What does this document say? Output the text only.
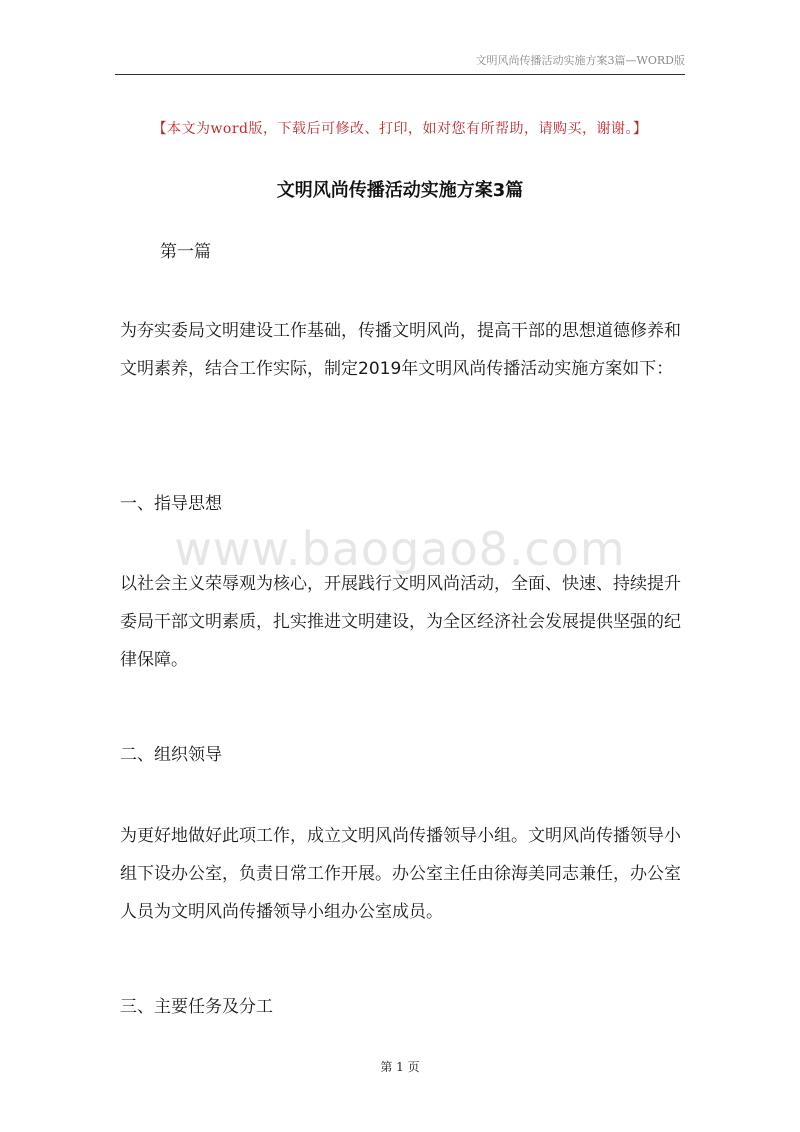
文明风尚传播活动实施方案3篇—WORD版
【本文为word版，下载后可修改、打印，如对您有所帮助，请购买，谢谢。】
文明风尚传播活动实施方案3篇
第一篇
为夯实委局文明建设工作基础，传播文明风尚，提高干部的思想道德修养和文明素养，结合工作实际，制定2019年文明风尚传播活动实施方案如下：
一、指导思想
www.baogao8.com
以社会主义荣辱观为核心，开展践行文明风尚活动，全面、快速、持续提升委局干部文明素质，扎实推进文明建设，为全区经济社会发展提供坚强的纪律保障。
二、组织领导
为更好地做好此项工作，成立文明风尚传播领导小组。文明风尚传播领导小组下设办公室，负责日常工作开展。办公室主任由徐海美同志兼任，办公室人员为文明风尚传播领导小组办公室成员。
三、主要任务及分工
第 1 页
